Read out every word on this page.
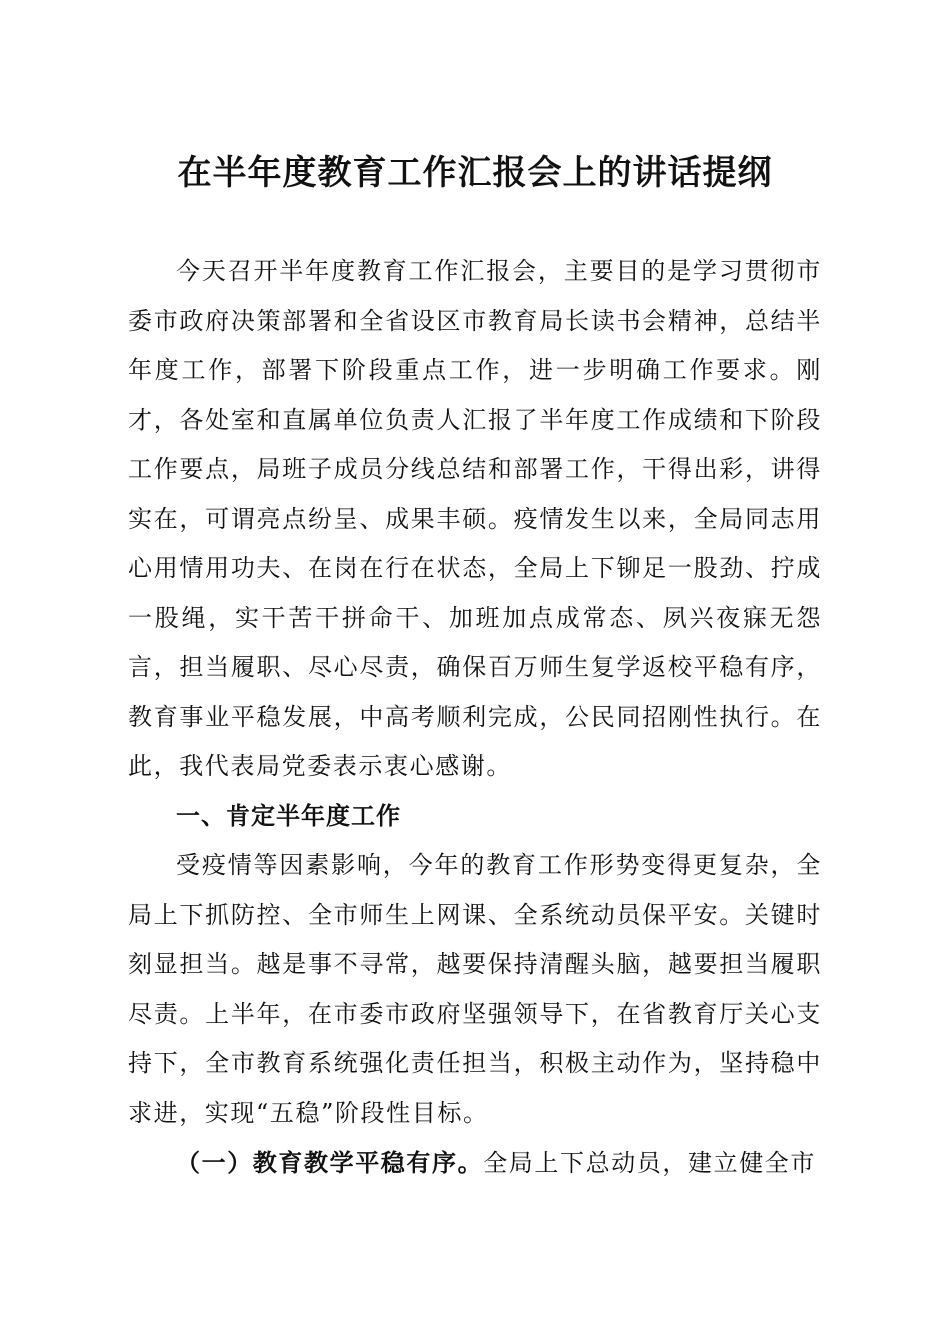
在半年度教育工作汇报会上的讲话提纲

今天召开半年度教育工作汇报会，主要目的是学习贯彻市委市政府决策部署和全省设区市教育局长读书会精神，总结半年度工作，部署下阶段重点工作，进一步明确工作要求。刚才，各处室和直属单位负责人汇报了半年度工作成绩和下阶段工作要点，局班子成员分线总结和部署工作，干得出彩，讲得实在，可谓亮点纷呈、成果丰硕。疫情发生以来，全局同志用心用情用功夫、在岗在行在状态，全局上下铆足一股劲、拧成一股绳，实干苦干拼命干、加班加点成常态、夙兴夜寐无怨言，担当履职、尽心尽责，确保百万师生复学返校平稳有序，教育事业平稳发展，中高考顺利完成，公民同招刚性执行。在此，我代表局党委表示衷心感谢。

一、肯定半年度工作

受疫情等因素影响，今年的教育工作形势变得更复杂，全局上下抓防控、全市师生上网课、全系统动员保平安。关键时刻显担当。越是事不寻常，越要保持清醒头脑，越要担当履职尽责。上半年，在市委市政府坚强领导下，在省教育厅关心支持下，全市教育系统强化责任担当，积极主动作为，坚持稳中求进，实现“五稳”阶段性目标。

（一）教育教学平稳有序。全局上下总动员，建立健全市
